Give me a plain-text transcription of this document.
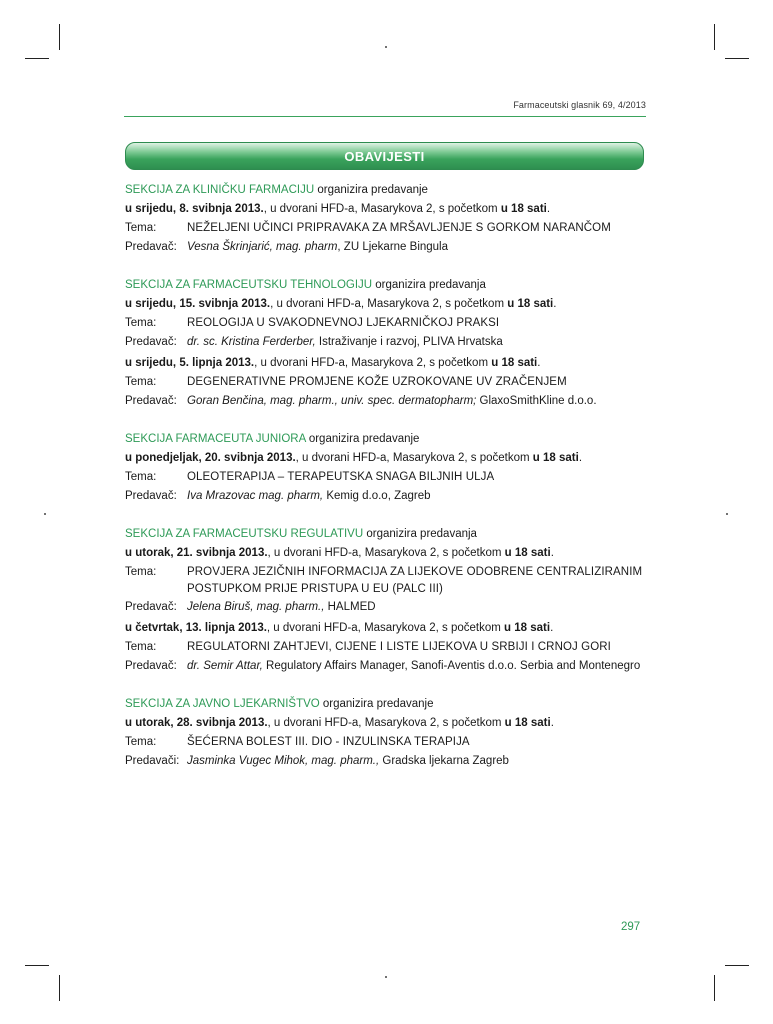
Farmaceutski glasnik 69, 4/2013
OBAVIJESTI
SEKCIJA ZA KLINIČKU FARMACIJU organizira predavanje
u srijedu, 8. svibnja 2013., u dvorani HFD-a, Masarykova 2, s početkom u 18 sati.
Tema:	NEŽELJENI UČINCI PRIPRAVAKA ZA MRŠAVLJENJE S GORKOM NARANČOM
Predavač: Vesna Škrinjarić, mag. pharm, ZU Ljekarne Bingula
SEKCIJA ZA FARMACEUTSKU TEHNOLOGIJU organizira predavanja
u srijedu, 15. svibnja 2013., u dvorani HFD-a, Masarykova 2, s početkom u 18 sati.
Tema:	REOLOGIJA U SVAKODNEVNOJ LJEKARNIČKOJ PRAKSI
Predavač: dr. sc. Kristina Ferderber, Istraživanje i razvoj, PLIVA Hrvatska
u srijedu, 5. lipnja 2013., u dvorani HFD-a, Masarykova 2, s početkom u 18 sati.
Tema:	DEGENERATIVNE PROMJENE KOŽE UZROKOVANE UV ZRAČENJEM
Predavač: Goran Benčina, mag. pharm., univ. spec. dermatopharm; GlaxoSmithKline d.o.o.
SEKCIJA FARMACEUTA JUNIORA organizira predavanje
u ponedjeljak, 20. svibnja 2013., u dvorani HFD-a, Masarykova 2, s početkom u 18 sati.
Tema:	OLEOTERAPIJA – TERAPEUTSKA SNAGA BILJNIH ULJA
Predavač: Iva Mrazovac mag. pharm, Kemig d.o.o, Zagreb
SEKCIJA ZA FARMACEUTSKU REGULATIVU organizira predavanja
u utorak, 21. svibnja 2013., u dvorani HFD-a, Masarykova 2, s početkom u 18 sati.
Tema:	PROVJERA JEZIČNIH INFORMACIJA ZA LIJEKOVE ODOBRENE CENTRALIZIRANIM
POSTUPKOM PRIJE PRISTUPA U EU (PALC III)
Predavač: Jelena Biruš, mag. pharm., HALMED
u četvrtak, 13. lipnja 2013., u dvorani HFD-a, Masarykova 2, s početkom u 18 sati.
Tema:	REGULATORNI ZAHTJEVI, CIJENE I LISTE LIJEKOVA U SRBIJI I CRNOJ GORI
Predavač: dr. Semir Attar, Regulatory Affairs Manager, Sanofi-Aventis d.o.o. Serbia and Montenegro
SEKCIJA ZA JAVNO LJEKARNIŠTVO organizira predavanje
u utorak, 28. svibnja 2013., u dvorani HFD-a, Masarykova 2, s početkom u 18 sati.
Tema:	ŠEĆERNA BOLEST III. DIO - INZULINSKA TERAPIJA
Predavači: Jasminka Vugec Mihok, mag. pharm., Gradska ljekarna Zagreb
297
